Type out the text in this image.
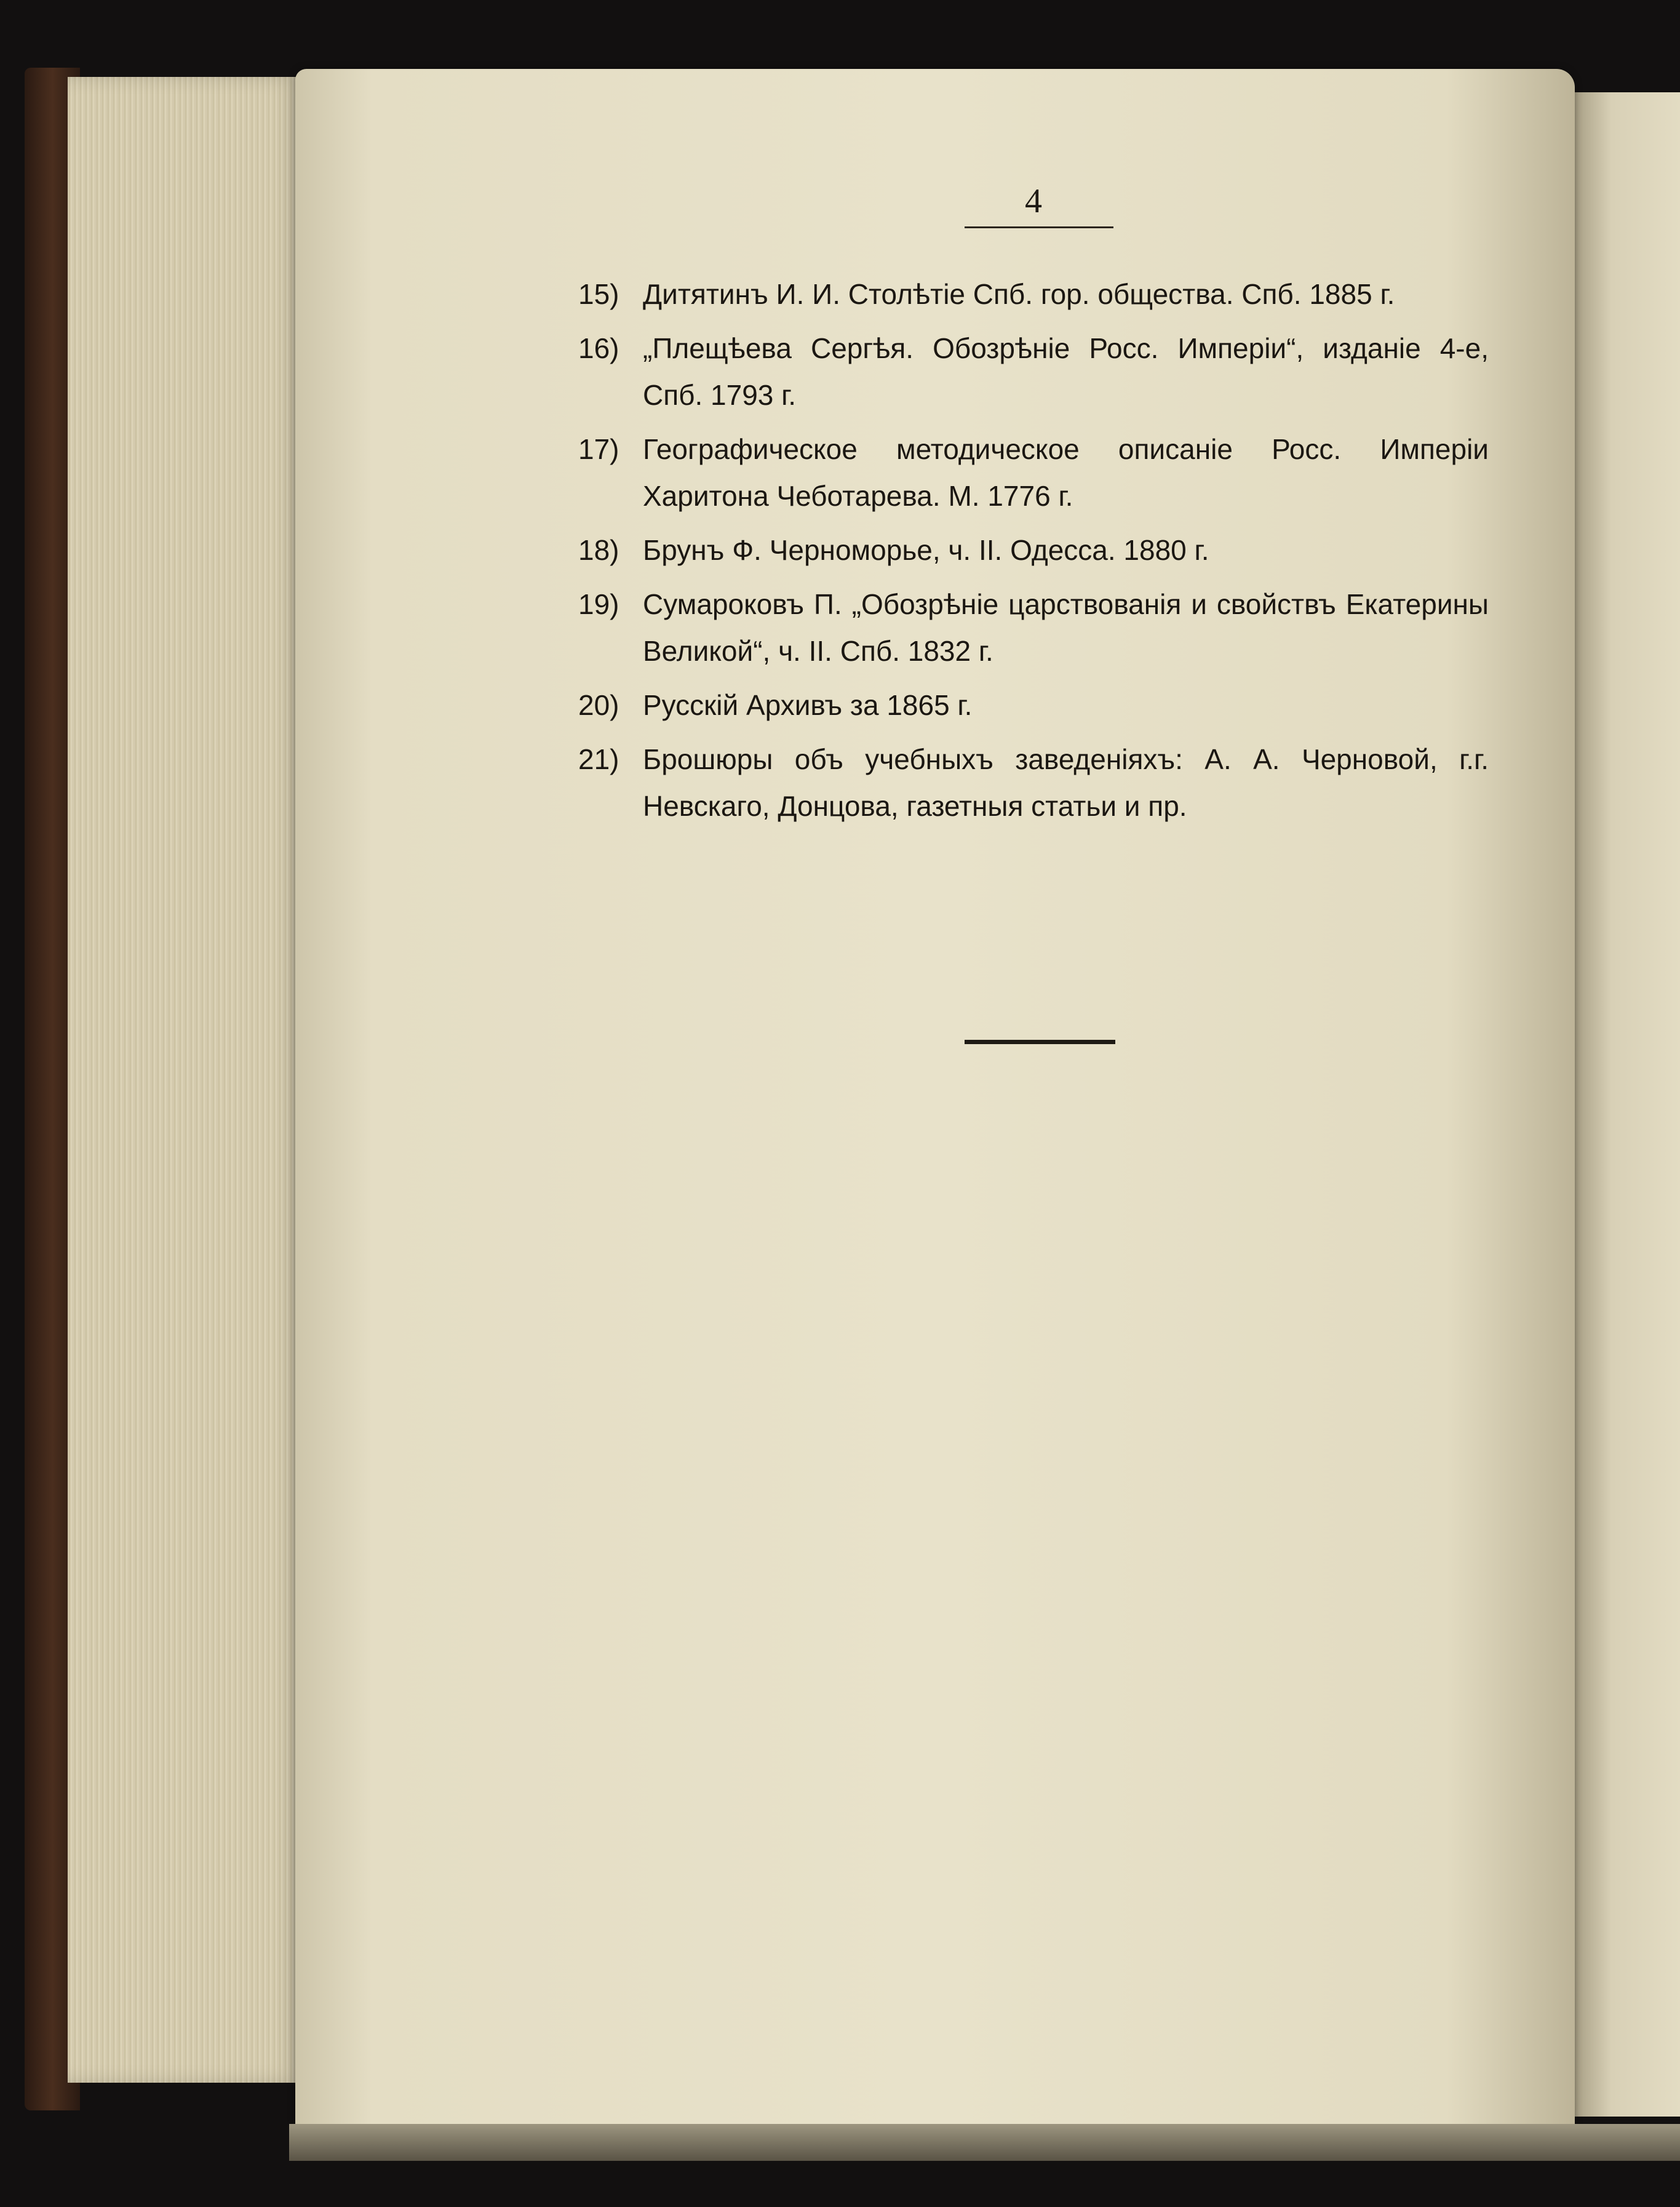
4
15) Дитятинъ И. И. Столѣтіе Спб. гор. общества. Спб. 1885 г.
16) „Плещѣева Сергѣя. Обозрѣніе Росс. Имперіи“, изданіе 4-е, Спб. 1793 г.
17) Географическое методическое описаніе Росс. Имперіи Харитона Чеботарева. М. 1776 г.
18) Брунъ Ф. Черноморье, ч. II. Одесса. 1880 г.
19) Сумароковъ П. „Обозрѣніе царствованія и свойствъ Екатерины Великой“, ч. II. Спб. 1832 г.
20) Русскій Архивъ за 1865 г.
21) Брошюры объ учебныхъ заведеніяхъ: А. А. Черновой, г.г. Невскаго, Донцова, газетныя статьи и пр.
